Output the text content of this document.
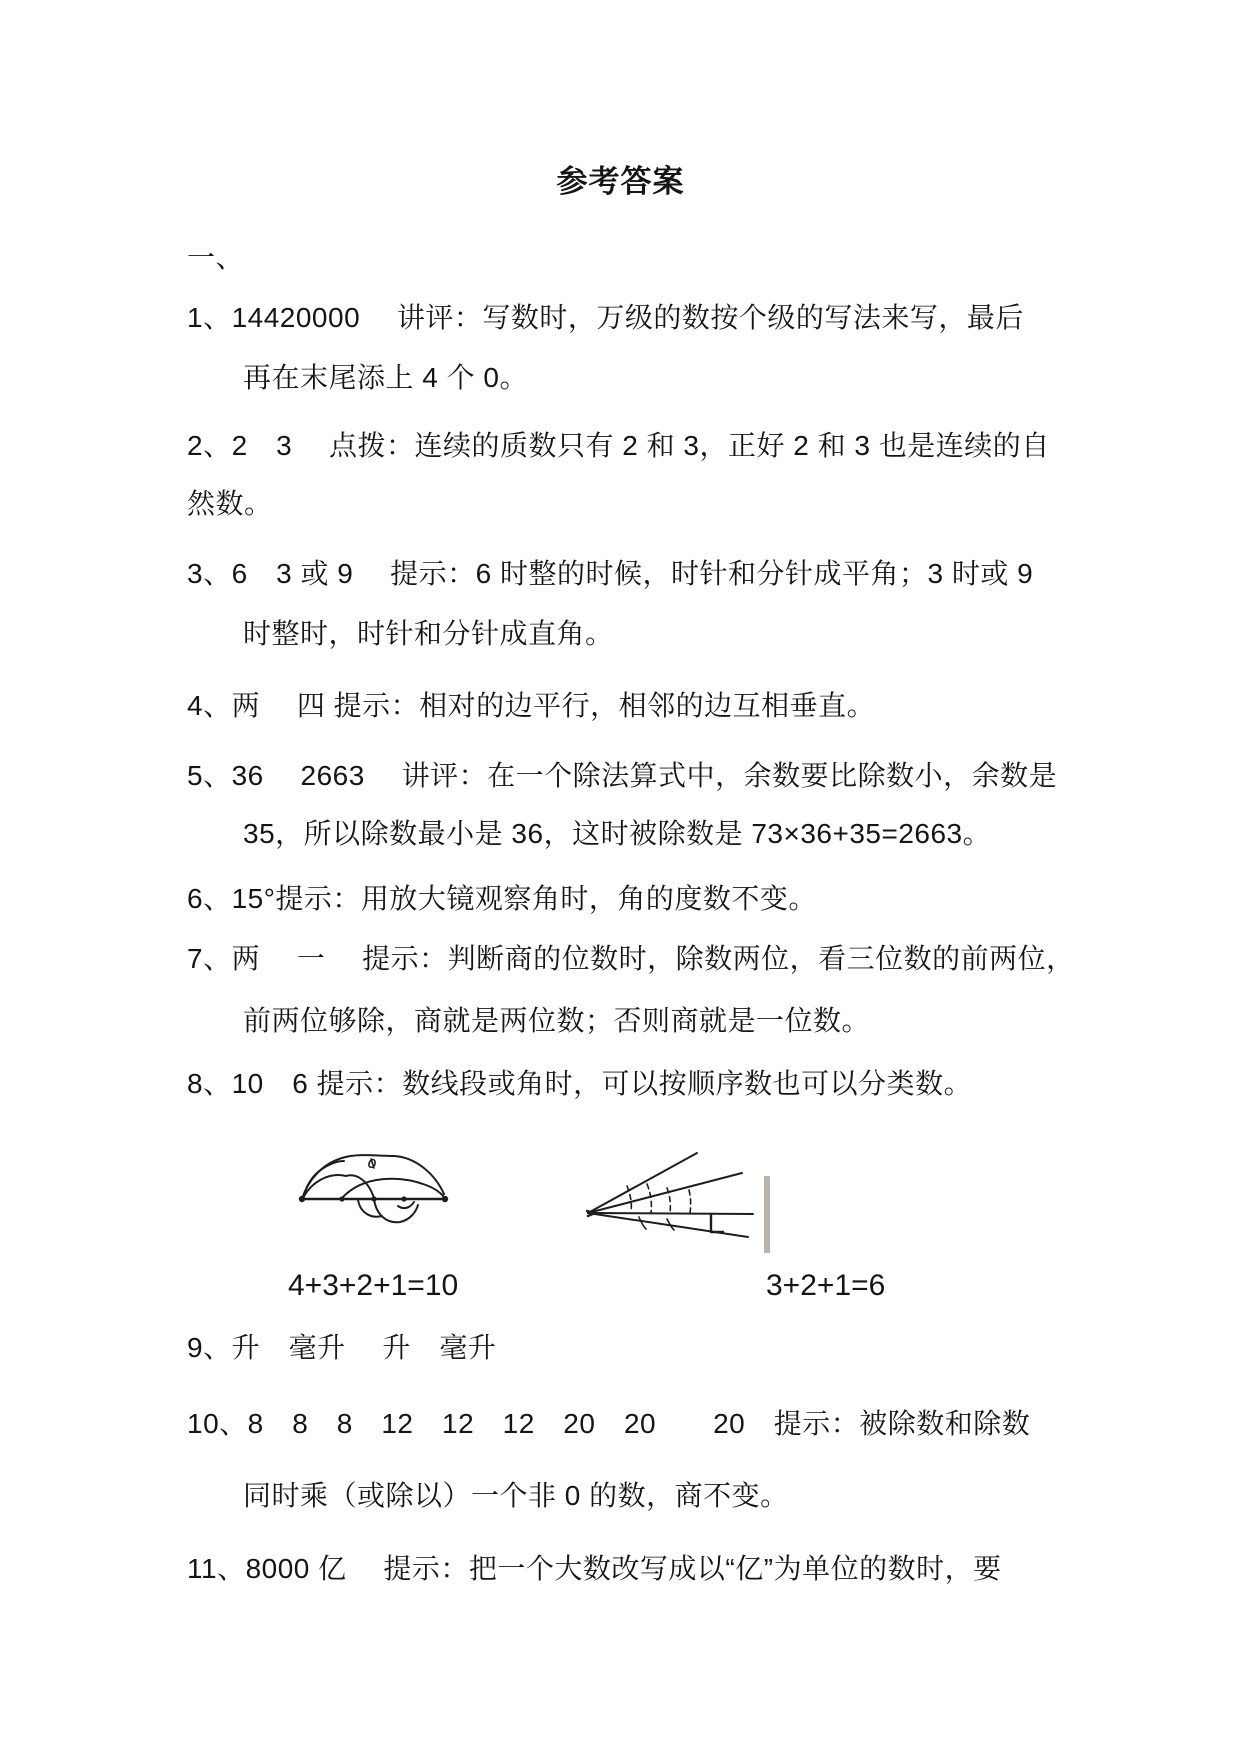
参考答案
一、
1、14420000　 讲评：写数时，万级的数按个级的写法来写，最后
再在末尾添上 4 个 0。
2、2　3　 点拨：连续的质数只有 2 和 3，正好 2 和 3 也是连续的自
然数。
3、6　3 或 9　 提示：6 时整的时候，时针和分针成平角；3 时或 9
时整时，时针和分针成直角。
4、两　 四 提示：相对的边平行，相邻的边互相垂直。
5、36　 2663　 讲评：在一个除法算式中，余数要比除数小，余数是
35，所以除数最小是 36，这时被除数是 73×36+35=2663。
6、15°提示：用放大镜观察角时，角的度数不变。
7、两　 一　 提示：判断商的位数时，除数两位，看三位数的前两位，
前两位够除，商就是两位数；否则商就是一位数。
8、10　6 提示：数线段或角时，可以按顺序数也可以分类数。
4+3+2+1=10	3+2+1=6
同时乘（或除以）一个非 0 的数，商不变。
9、升　毫升　 升　毫升
10、8　8　8　12　12　12　20　20　　20　提示：被除数和除数
11、8000 亿　 提示：把一个大数改写成以“亿”为单位的数时，要
